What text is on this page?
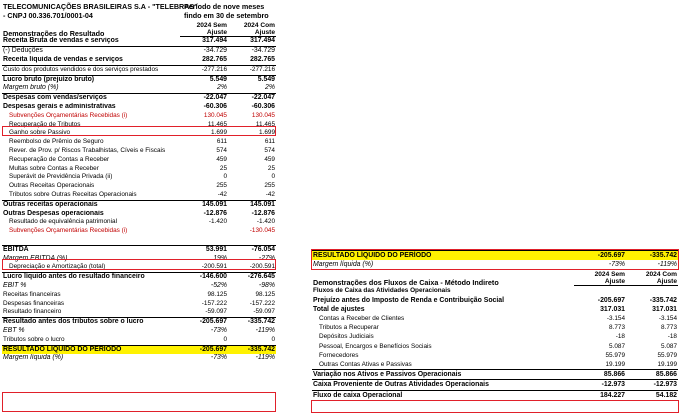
TELECOMUNICAÇÕES BRASILEIRAS S.A - "TELEBRAS"
- CNPJ 00.336.701/0001-04
Período de nove meses
findo em 30 de setembro
Demonstrações do Resultado	2024 Sem	2024 Com
	Ajuste	Ajuste
Receita Bruta de vendas e serviços	317.494	317.494
(-) Deduções	-34.729	-34.729
Receita líquida de vendas e serviços	282.765	282.765
Custo dos produtos vendidos e dos serviços prestados	-277.216	-277.216
Lucro bruto (prejuízo bruto)	5.549	5.549
Margem bruto (%)	2%	2%
Despesas com vendas/serviços	-22.047	-22.047
Despesas gerais e administrativas	-60.306	-60.306
Subvenções Orçamentárias Recebidas (i)	130.045	130.045
Recuperação de Tributos	11.465	11.465
Ganho sobre Passivo	1.699	1.699
Reembolso de Prêmio de Seguro	611	611
Rever. de Prov. p/ Riscos Trabalhistas, Cíveis e Fiscais	574	574
Recuperação de Contas a Receber	459	459
Multas sobre Contas a Receber	25	25
Superávit de Previdência Privada (ii)	0	0
Outras Receitas Operacionais	255	255
Tributos sobre Outras Receitas Operacionais	-42	-42
Outras receitas operacionais	145.091	145.091
Outras Despesas operacionais	-12.876	-12.876
Resultado de equivalência patrimonial	-1.420	-1.420
Subvenções Orçamentárias Recebidas (i)		-130.045

EBITDA	53.991	-76.054
Margem EBITDA (%)	19%	-27%
Depreciação e Amortização (total)	-200.591	-200.591
Lucro líquido antes do resultado financeiro	-146.600	-276.645
EBIT %	-52%	-98%
Receitas financeiras	98.125	98.125
Despesas financeiras	-157.222	-157.222
Resultado financeiro	-59.097	-59.097
Resultado antes dos tributos sobre o lucro	-205.697	-335.742
EBT %	-73%	-119%
Tributos sobre o lucro	0	0
RESULTADO LÍQUIDO DO PERÍODO	-205.697	-335.742
Margem líquida (%)	-73%	-119%
RESULTADO LÍQUIDO DO PERÍODO	-205.697	-335.742
Margem líquida (%)	-73%	-119%
Demonstrações dos Fluxos de Caixa - Método Indireto	2024 Sem	2024 Com
	Ajuste	Ajuste
Fluxos de Caixa das Atividades Operacionais		
Prejuízo antes do Imposto de Renda e Contribuição Social	-205.697	-335.742
Total de ajustes	317.031	317.031
Contas a Receber de Clientes	-3.154	-3.154
Tributos a Recuperar	8.773	8.773
Depósitos Judiciais	-18	-18
Pessoal, Encargos e Benefícios Sociais	5.087	5.087
Fornecedores	55.979	55.979
Outras Contas Ativas e Passivas	19.199	19.199
Variação nos Ativos e Passivos Operacionais	85.866	85.866
Caixa Proveniente de Outras Atividades Operacionais	-12.973	-12.973
Fluxo de caixa Operacional	184.227	54.182
